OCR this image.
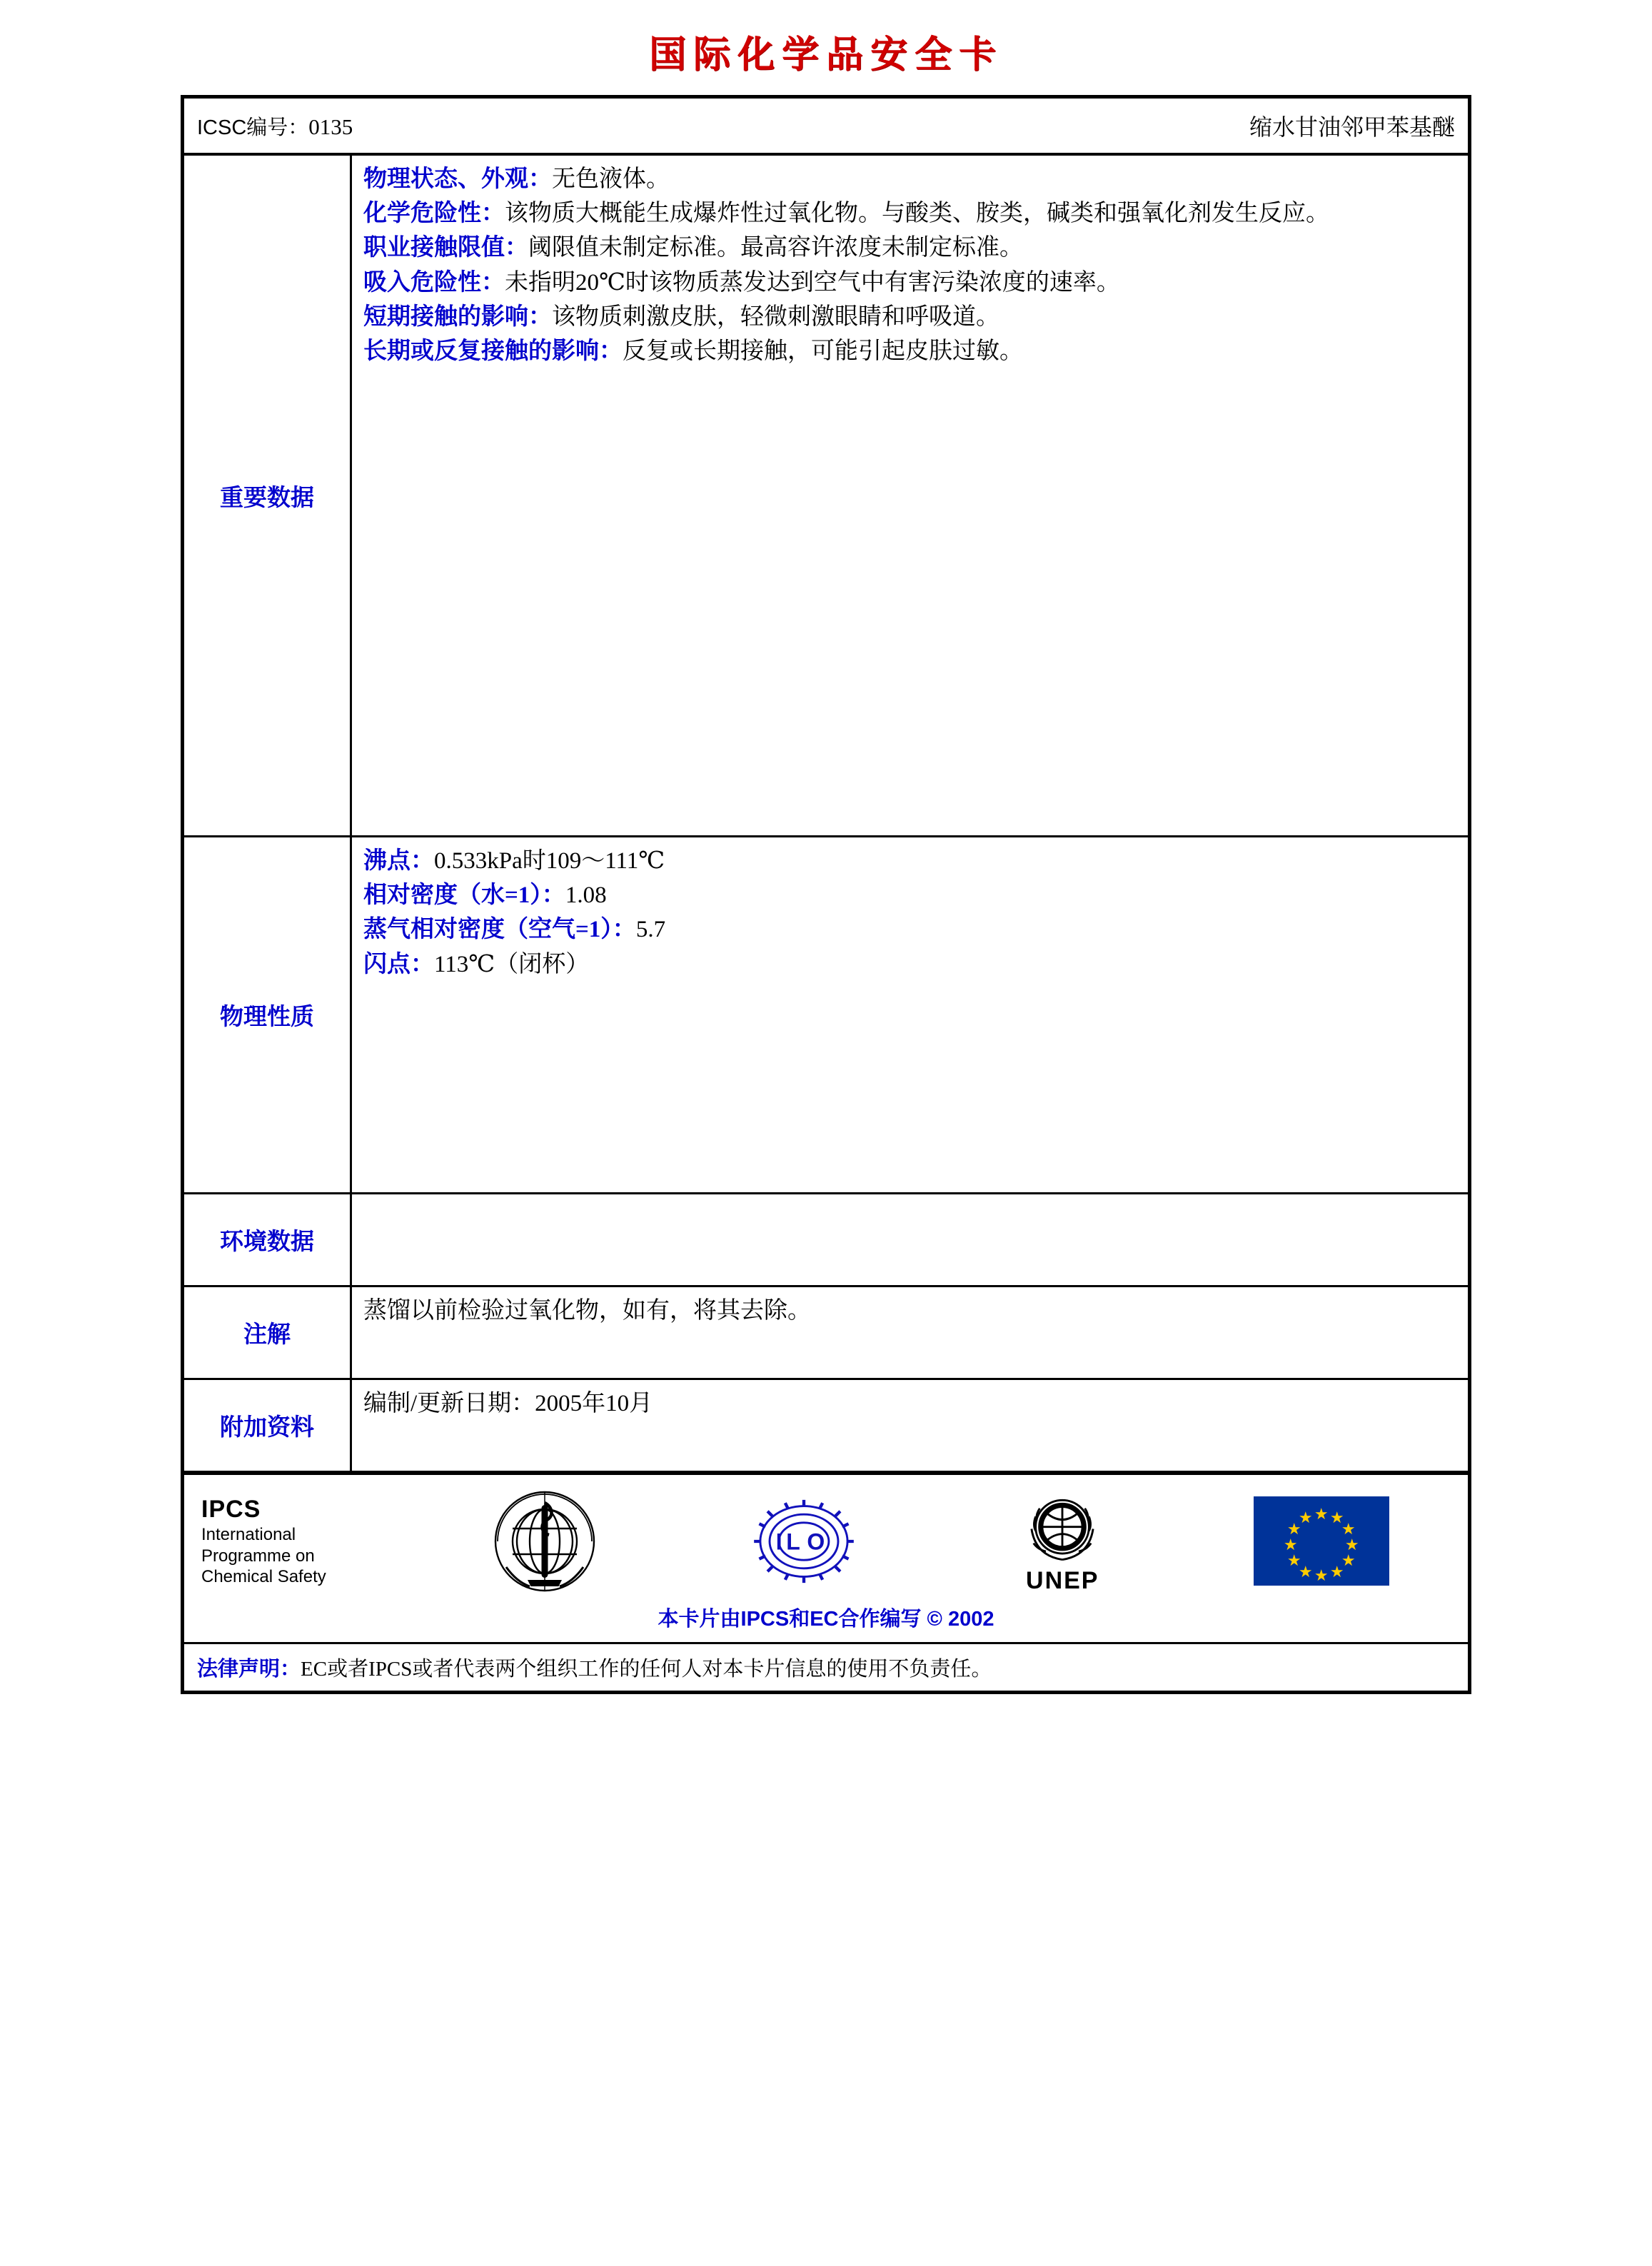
国际化学品安全卡
ICSC编号：0135	缩水甘油邻甲苯基醚
重要数据

物理状态、外观：无色液体。

化学危险性：该物质大概能生成爆炸性过氧化物。与酸类、胺类，碱类和强氧化剂发生反应。

职业接触限值：阈限值未制定标准。最高容许浓度未制定标准。

吸入危险性：未指明20℃时该物质蒸发达到空气中有害污染浓度的速率。

短期接触的影响：该物质刺激皮肤，轻微刺激眼睛和呼吸道。

长期或反复接触的影响：反复或长期接触，可能引起皮肤过敏。

物理性质

沸点：0.533kPa时109～111℃

相对密度（水=1）：1.08

蒸气相对密度（空气=1）：5.7

闪点：113℃（闭杯）

环境数据
注解
蒸馏以前检验过氧化物，如有，将其去除。
附加资料
编制/更新日期：2005年10月
IPCS
International
Programme on
Chemical Safety
I L O
UNEP
★ ★
★
★
★
★
★
★
★
★
★
★
本卡片由IPCS和EC合作编写 © 2002
法律声明：EC或者IPCS或者代表两个组织工作的任何人对本卡片信息的使用不负责任。
